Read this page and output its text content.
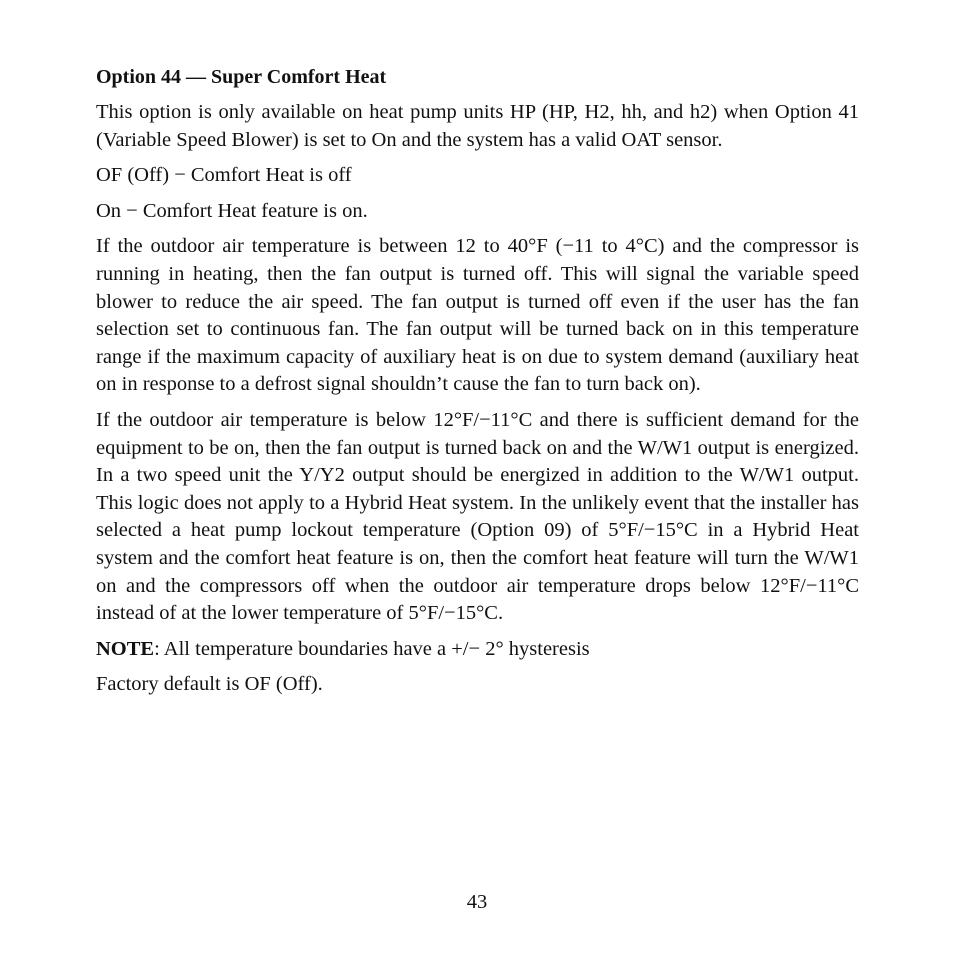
Option 44 — Super Comfort Heat

This option is only available on heat pump units HP (HP, H2, hh, and h2) when Option 41 (Variable Speed Blower) is set to On and the system has a valid OAT sensor.

OF (Off) − Comfort Heat is off

On − Comfort Heat feature is on.

If the outdoor air temperature is between 12 to 40°F (−11 to 4°C) and the compressor is running in heating, then the fan output is turned off. This will signal the variable speed blower to reduce the air speed. The fan output is turned off even if the user has the fan selection set to continuous fan. The fan output will be turned back on in this temperature range if the maximum capacity of auxiliary heat is on due to system demand (auxiliary heat on in response to a defrost signal shouldn’t cause the fan to turn back on).

If the outdoor air temperature is below 12°F/−11°C and there is sufficient demand for the equipment to be on, then the fan output is turned back on and the W/W1 output is energized. In a two speed unit the Y/Y2 output should be energized in addition to the W/W1 output. This logic does not apply to a Hybrid Heat system. In the unlikely event that the installer has selected a heat pump lockout temperature (Option 09) of 5°F/−15°C in a Hybrid Heat system and the comfort heat feature is on, then the comfort heat feature will turn the W/W1 on and the compressors off when the outdoor air temperature drops below 12°F/−11°C instead of at the lower temperature of 5°F/−15°C.

NOTE: All temperature boundaries have a +/− 2° hysteresis

Factory default is OF (Off).

43
